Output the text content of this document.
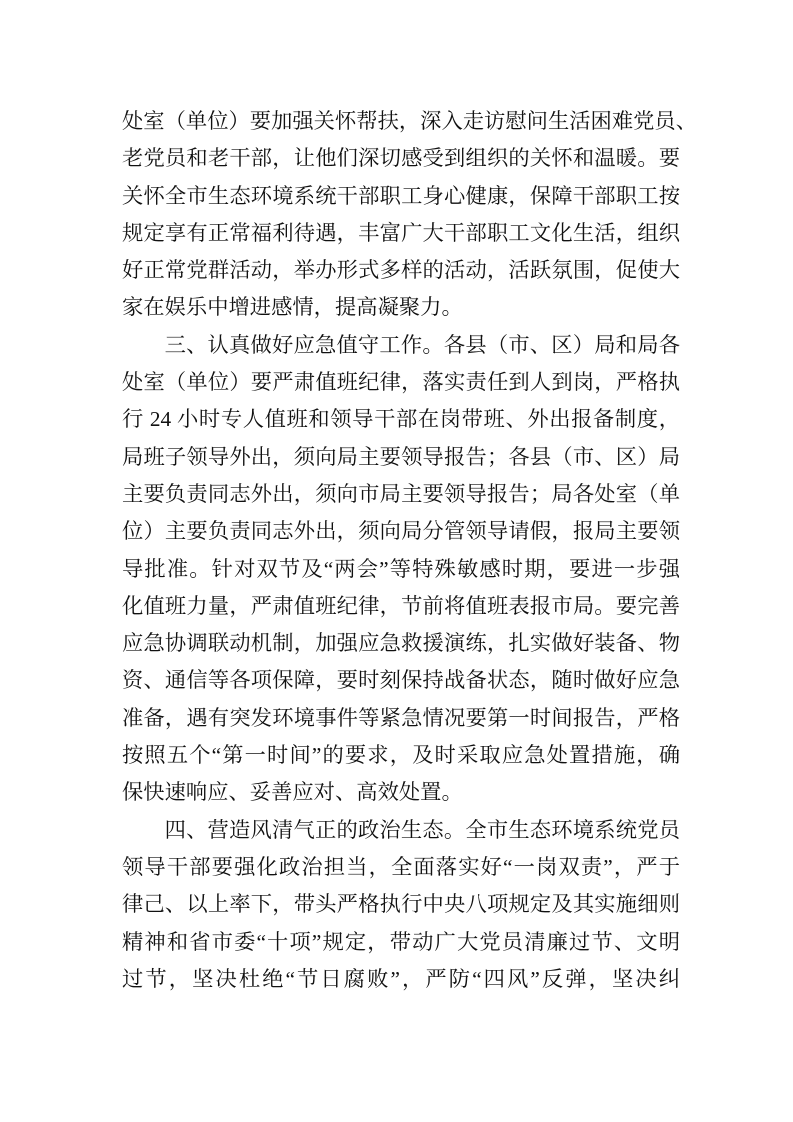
处室（单位）要加强关怀帮扶，深入走访慰问生活困难党员、
老党员和老干部，让他们深切感受到组织的关怀和温暖。要
关怀全市生态环境系统干部职工身心健康，保障干部职工按
规定享有正常福利待遇，丰富广大干部职工文化生活，组织
好正常党群活动，举办形式多样的活动，活跃氛围，促使大
家在娱乐中增进感情，提高凝聚力。
三、认真做好应急值守工作。各县（市、区）局和局各
处室（单位）要严肃值班纪律，落实责任到人到岗，严格执
行 24 小时专人值班和领导干部在岗带班、外出报备制度，
局班子领导外出，须向局主要领导报告；各县（市、区）局
主要负责同志外出，须向市局主要领导报告；局各处室（单
位）主要负责同志外出，须向局分管领导请假，报局主要领
导批准。针对双节及“两会”等特殊敏感时期，要进一步强
化值班力量，严肃值班纪律，节前将值班表报市局。要完善
应急协调联动机制，加强应急救援演练，扎实做好装备、物
资、通信等各项保障，要时刻保持战备状态，随时做好应急
准备，遇有突发环境事件等紧急情况要第一时间报告，严格
按照五个“第一时间”的要求，及时采取应急处置措施，确
保快速响应、妥善应对、高效处置。
四、营造风清气正的政治生态。全市生态环境系统党员
领导干部要强化政治担当，全面落实好“一岗双责”，严于
律己、以上率下，带头严格执行中央八项规定及其实施细则
精神和省市委“十项”规定，带动广大党员清廉过节、文明
过节，坚决杜绝“节日腐败”，严防“四风”反弹，坚决纠
